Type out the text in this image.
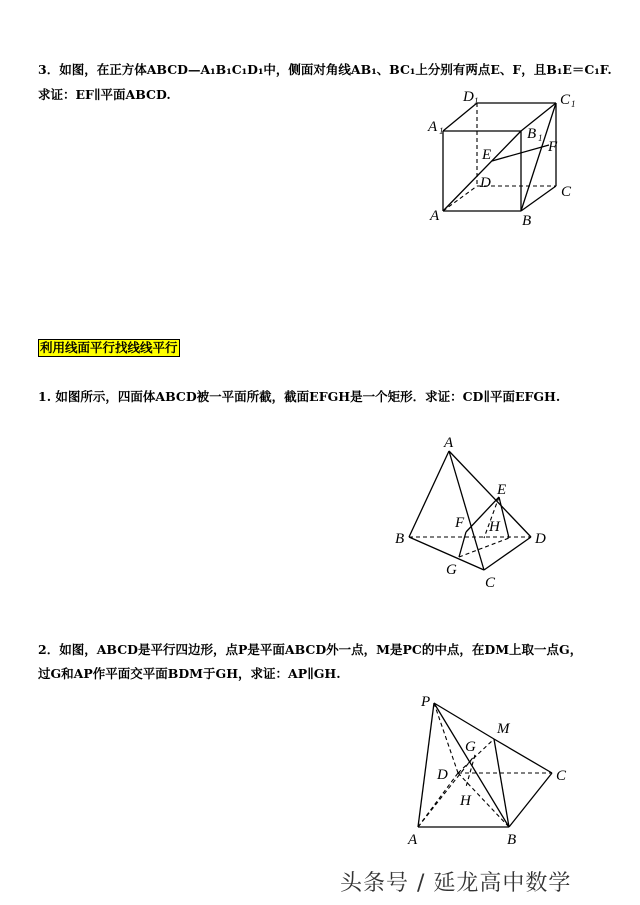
3．如图，在正方体ABCD—A₁B₁C₁D₁中，侧面对角线AB₁、BC₁上分别有两点E、F，且B₁E＝C₁F.
求证：EF∥平面ABCD.	D 1	C 1
A 1	B 1
F
E
D
C
A	B
利用线面平行找线线平行
1. 如图所示，四面体ABCD被一平面所截，截面EFGH是一个矩形．求证：CD∥平面EFGH.
A
E
F H
B	D
G
C
2．如图，ABCD是平行四边形，点P是平面ABCD外一点，M是PC的中点，在DM上取一点G，
过G和AP作平面交平面BDM于GH，求证：AP∥GH.
P
M
G
D	C
H
A	B
头条号 / 延龙高中数学
